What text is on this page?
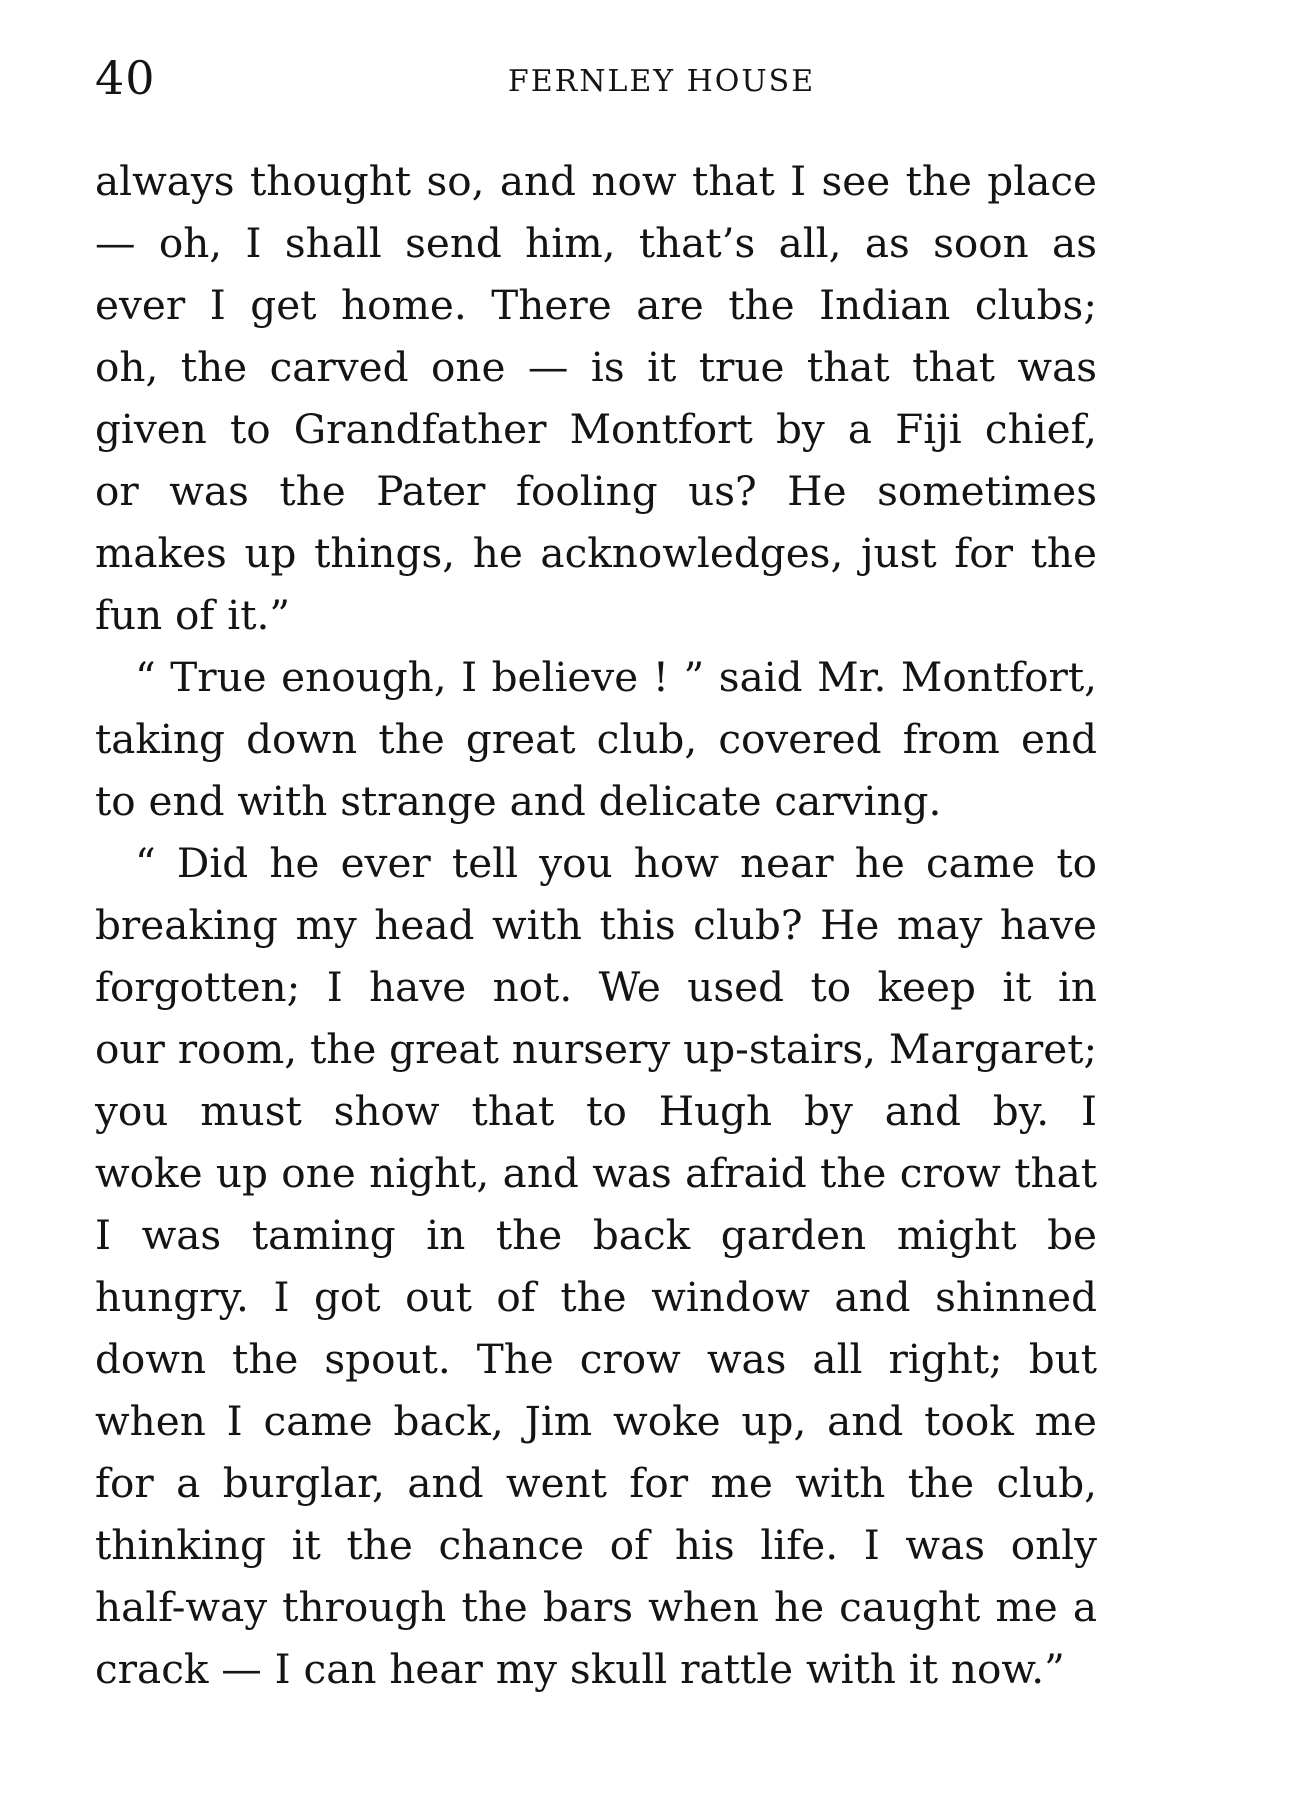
40	FERNLEY HOUSE
always thought so, and now that I see the place
— oh, I shall send him, that’s all, as soon as
ever I get home. There are the Indian clubs;
oh, the carved one — is it true that that was
given to Grandfather Montfort by a Fiji chief,
or was the Pater fooling us? He sometimes
makes up things, he acknowledges, just for the
fun of it.”
“ True enough, I believe ! ” said Mr. Montfort,
taking down the great club, covered from end
to end with strange and delicate carving.
“ Did he ever tell you how near he came to
breaking my head with this club? He may have
forgotten; I have not. We used to keep it in
our room, the great nursery up-stairs, Margaret;
you must show that to Hugh by and by. I
woke up one night, and was afraid the crow that
I was taming in the back garden might be
hungry. I got out of the window and shinned
down the spout. The crow was all right; but
when I came back, Jim woke up, and took me
for a burglar, and went for me with the club,
thinking it the chance of his life. I was only
half-way through the bars when he caught me a
crack — I can hear my skull rattle with it now.”
